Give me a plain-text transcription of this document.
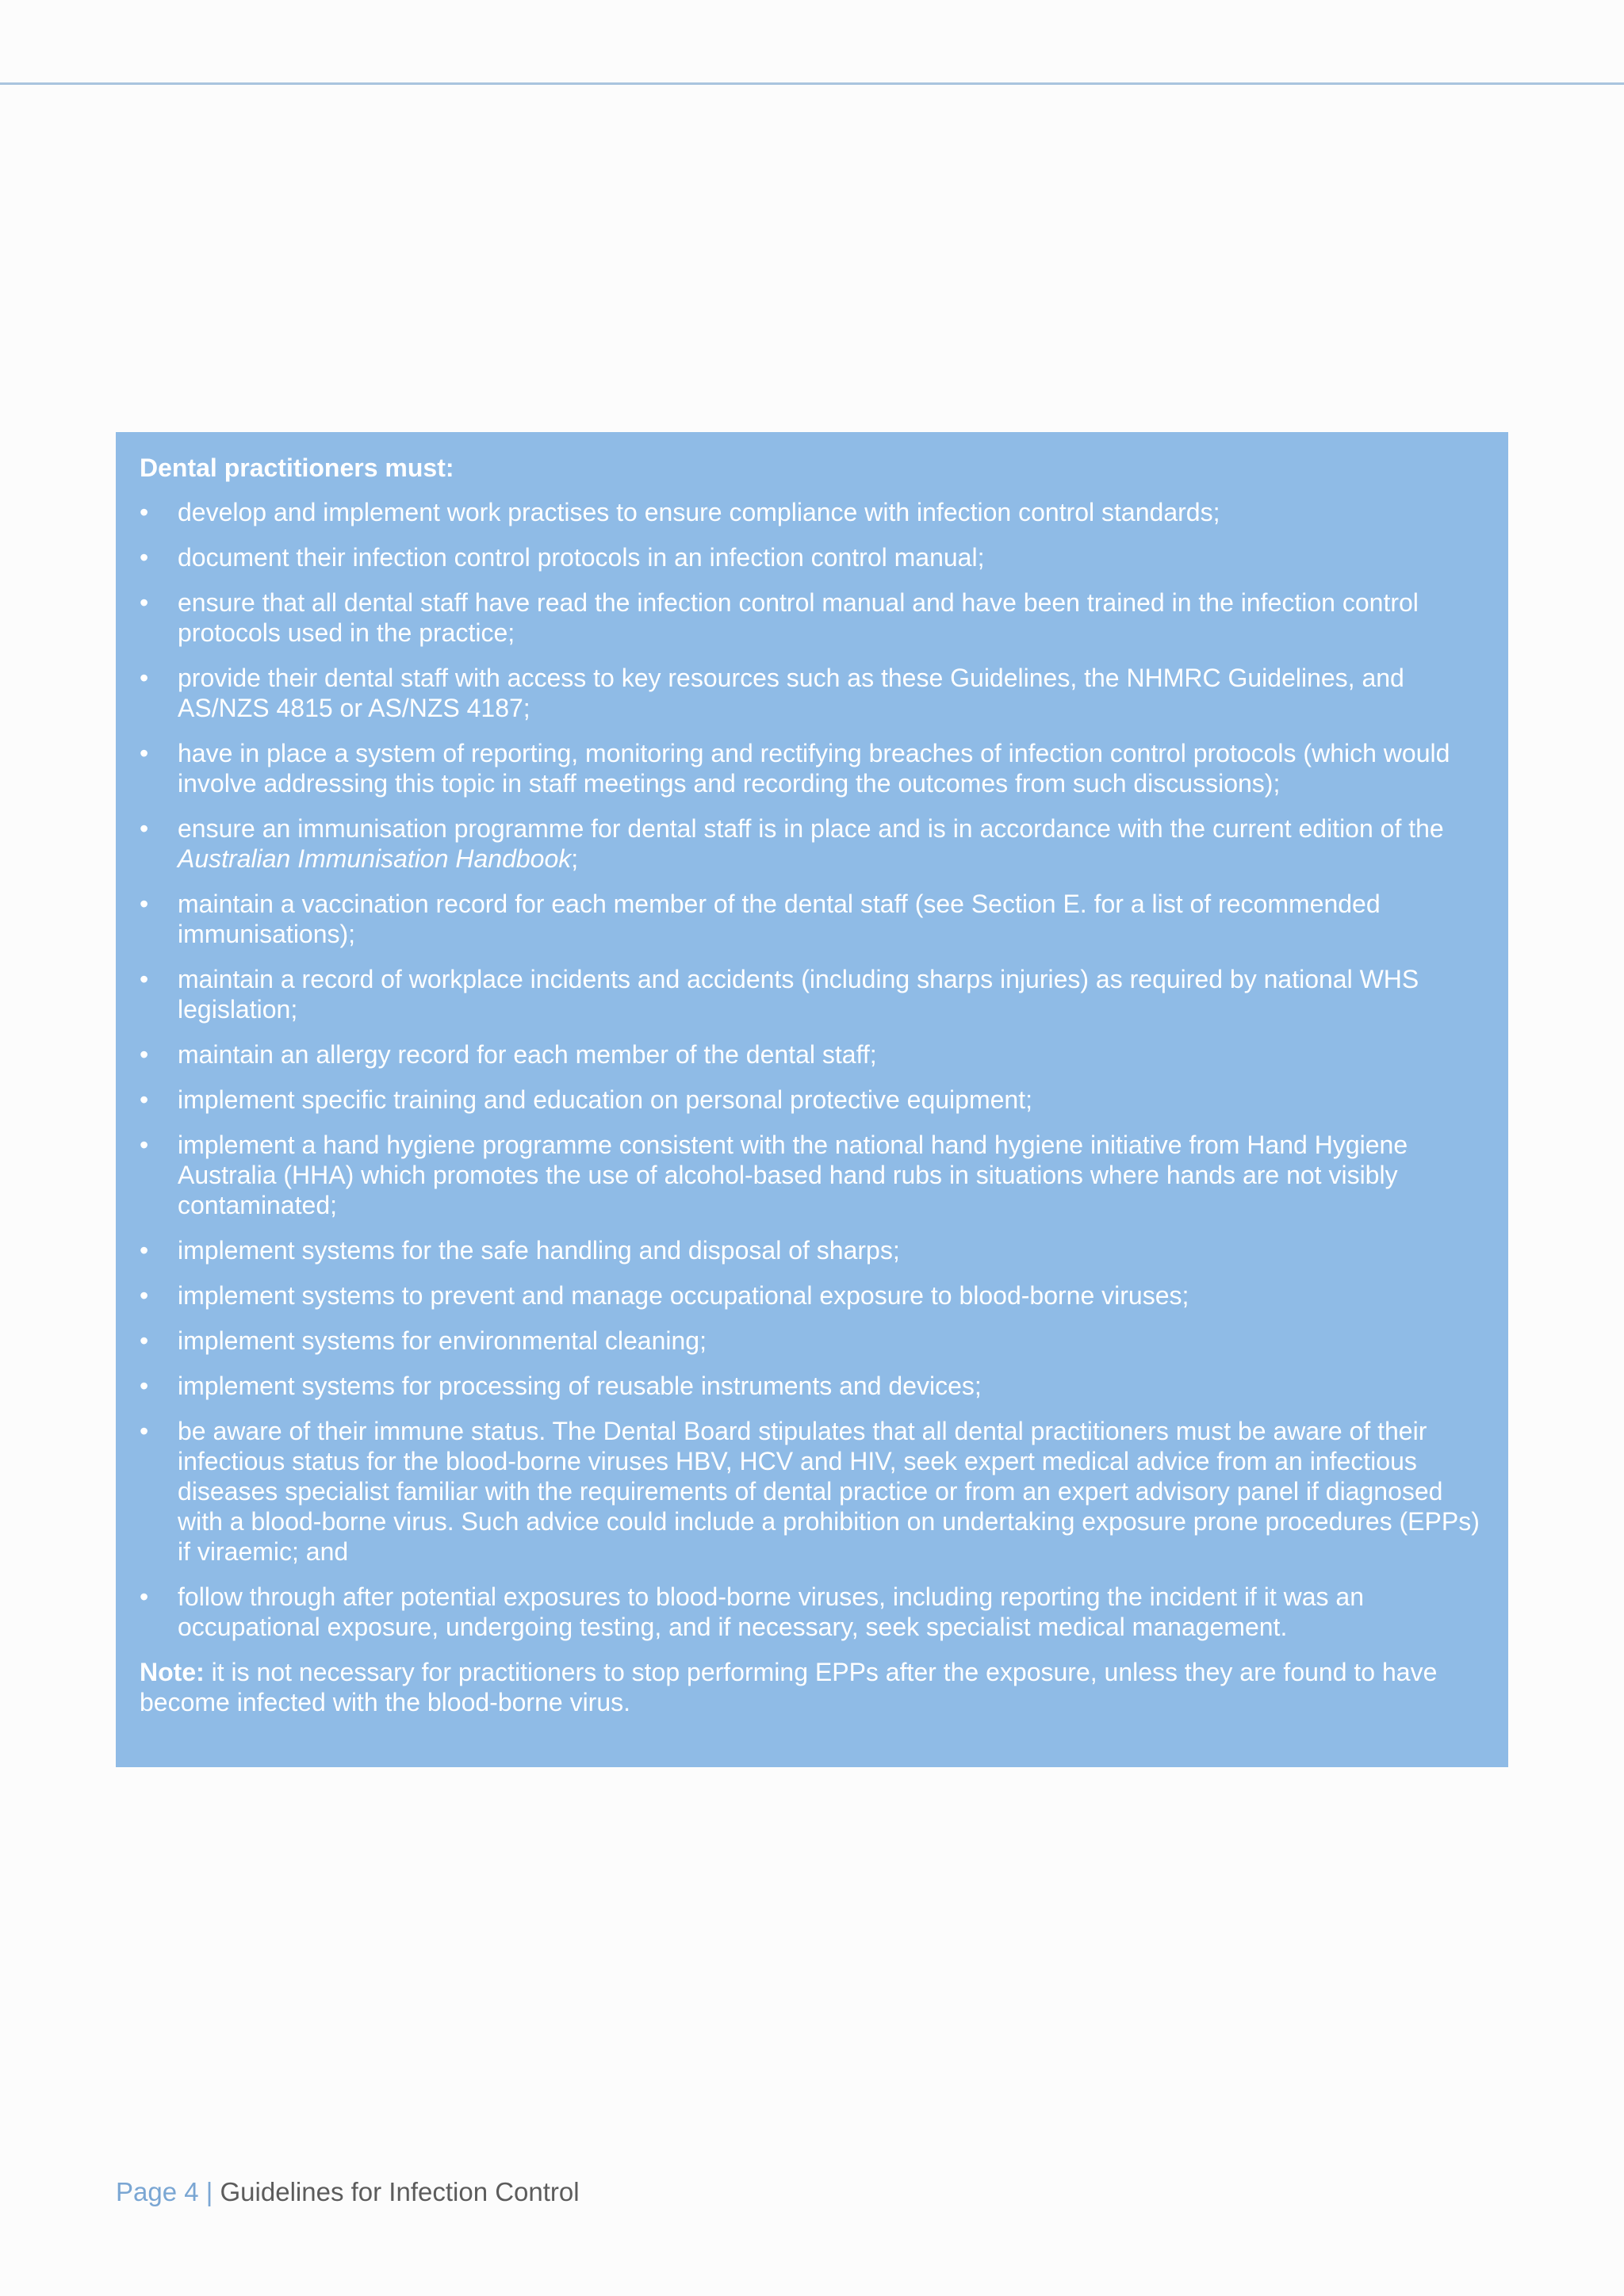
Dental practitioners must:

•	develop and implement work practises to ensure compliance with infection control standards;
•	document their infection control protocols in an infection control manual;
•	ensure that all dental staff have read the infection control manual and have been trained in the infection control protocols used in the practice;
•	provide their dental staff with access to key resources such as these Guidelines, the NHMRC Guidelines, and AS/NZS 4815 or AS/NZS 4187;
•	have in place a system of reporting, monitoring and rectifying breaches of infection control protocols (which would involve addressing this topic in staff meetings and recording the outcomes from such discussions);
•	ensure an immunisation programme for dental staff is in place and is in accordance with the current edition of the Australian Immunisation Handbook;
•	maintain a vaccination record for each member of the dental staff (see Section E. for a list of recommended immunisations);
•	maintain a record of workplace incidents and accidents (including sharps injuries) as required by national WHS legislation;
•	maintain an allergy record for each member of the dental staff;
•	implement specific training and education on personal protective equipment;
•	implement a hand hygiene programme consistent with the national hand hygiene initiative from Hand Hygiene Australia (HHA) which promotes the use of alcohol-based hand rubs in situations where hands are not visibly contaminated;
•	implement systems for the safe handling and disposal of sharps;
•	implement systems to prevent and manage occupational exposure to blood-borne viruses;
•	implement systems for environmental cleaning;
•	implement systems for processing of reusable instruments and devices;
•	be aware of their immune status. The Dental Board stipulates that all dental practitioners must be aware of their infectious status for the blood-borne viruses HBV, HCV and HIV, seek expert medical advice from an infectious diseases specialist familiar with the requirements of dental practice or from an expert advisory panel if diagnosed with a blood-borne virus. Such advice could include a prohibition on undertaking exposure prone procedures (EPPs) if viraemic; and
•	follow through after potential exposures to blood-borne viruses, including reporting the incident if it was an occupational exposure, undergoing testing, and if necessary, seek specialist medical management.

Note: it is not necessary for practitioners to stop performing EPPs after the exposure, unless they are found to have become infected with the blood-borne virus.

Page 4 | Guidelines for Infection Control
